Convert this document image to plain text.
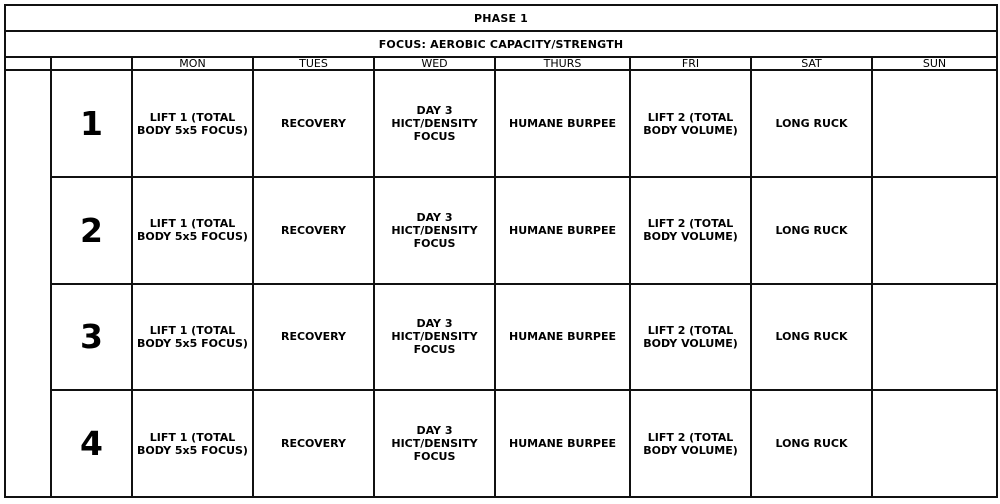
PHASE 1								
FOCUS: AEROBIC CAPACITY/STRENGTH								
		MON	TUES	WED	THURS	FRI	SAT	SUN
	1	LIFT 1 (TOTAL BODY 5x5 FOCUS)	RECOVERY	DAY 3 HICT/DENSITY FOCUS	HUMANE BURPEE	LIFT 2 (TOTAL BODY VOLUME)	LONG RUCK	
	2	LIFT 1 (TOTAL BODY 5x5 FOCUS)	RECOVERY	DAY 3 HICT/DENSITY FOCUS	HUMANE BURPEE	LIFT 2 (TOTAL BODY VOLUME)	LONG RUCK	
	3	LIFT 1 (TOTAL BODY 5x5 FOCUS)	RECOVERY	DAY 3 HICT/DENSITY FOCUS	HUMANE BURPEE	LIFT 2 (TOTAL BODY VOLUME)	LONG RUCK	
	4	LIFT 1 (TOTAL BODY 5x5 FOCUS)	RECOVERY	DAY 3 HICT/DENSITY FOCUS	HUMANE BURPEE	LIFT 2 (TOTAL BODY VOLUME)	LONG RUCK	
